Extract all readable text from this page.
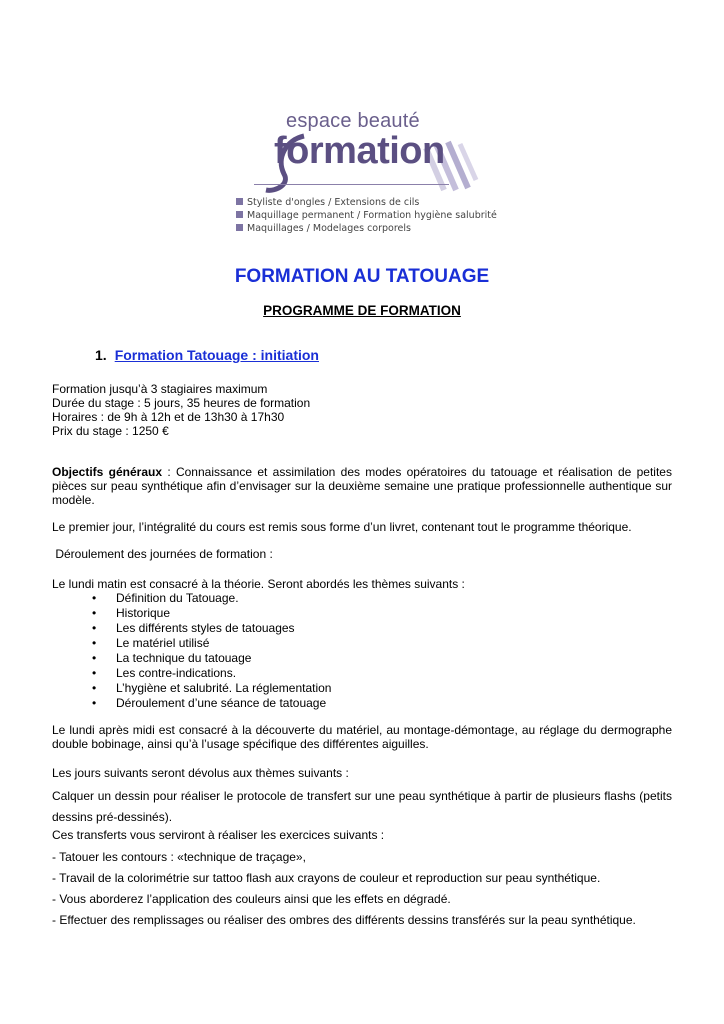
espace beauté
formation
Styliste d'ongles / Extensions de cils
Maquillage permanent / Formation hygiène salubrité
Maquillages / Modelages corporels
FORMATION AU TATOUAGE
PROGRAMME DE FORMATION
1. Formation Tatouage : initiation
Formation jusqu’à 3 stagiaires maximum
Durée du stage : 5 jours, 35 heures de formation
Horaires : de 9h à 12h et de 13h30 à 17h30
Prix du stage : 1250 €
Objectifs généraux : Connaissance et assimilation des modes opératoires du tatouage et réalisation de petites pièces sur peau synthétique afin d’envisager sur la deuxième semaine une pratique professionnelle authentique sur modèle.
Le premier jour, l’intégralité du cours est remis sous forme d’un livret, contenant tout le programme théorique.
Déroulement des journées de formation :
Le lundi matin est consacré à la théorie. Seront abordés les thèmes suivants :
• Définition du Tatouage.
• Historique
• Les différents styles de tatouages
• Le matériel utilisé
• La technique du tatouage
• Les contre-indications.
• L’hygiène et salubrité. La réglementation
• Déroulement d’une séance de tatouage
Le lundi après midi est consacré à la découverte du matériel, au montage-démontage, au réglage du dermographe double bobinage, ainsi qu’à l’usage spécifique des différentes aiguilles.
Les jours suivants seront dévolus aux thèmes suivants :
Calquer un dessin pour réaliser le protocole de transfert sur une peau synthétique à partir de plusieurs flashs (petits dessins pré-dessinés).
Ces transferts vous serviront à réaliser les exercices suivants :
- Tatouer les contours : «technique de traçage»,
- Travail de la colorimétrie sur tattoo flash aux crayons de couleur et reproduction sur peau synthétique.
- Vous aborderez l’application des couleurs ainsi que les effets en dégradé.
- Effectuer des remplissages ou réaliser des ombres des différents dessins transférés sur la peau synthétique.
